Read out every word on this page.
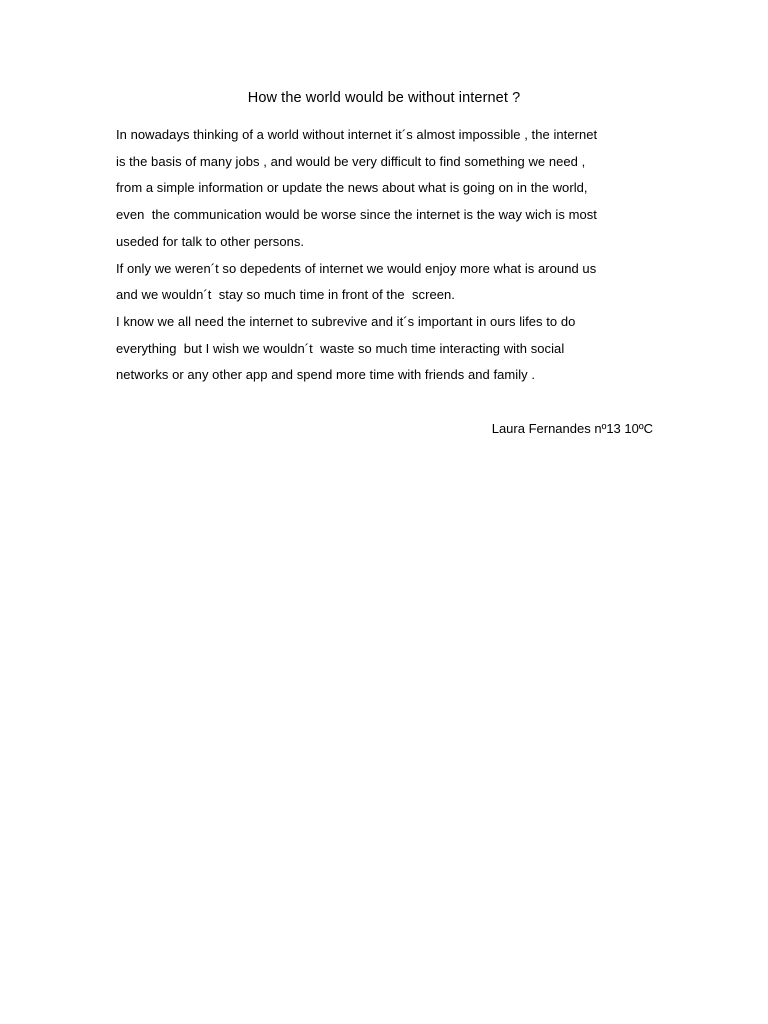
How the world would be without internet ?
In nowadays thinking of a world without internet it´s almost impossible , the internet
is the basis of many jobs , and would be very difficult to find something we need ,
from a simple information or update the news about what is going on in the world,
even  the communication would be worse since the internet is the way wich is most
useded for talk to other persons.
If only we weren´t so depedents of internet we would enjoy more what is around us
and we wouldn´t  stay so much time in front of the  screen.
I know we all need the internet to subrevive and it´s important in ours lifes to do
everything  but I wish we wouldn´t  waste so much time interacting with social
networks or any other app and spend more time with friends and family .
Laura Fernandes nº13 10ºC
